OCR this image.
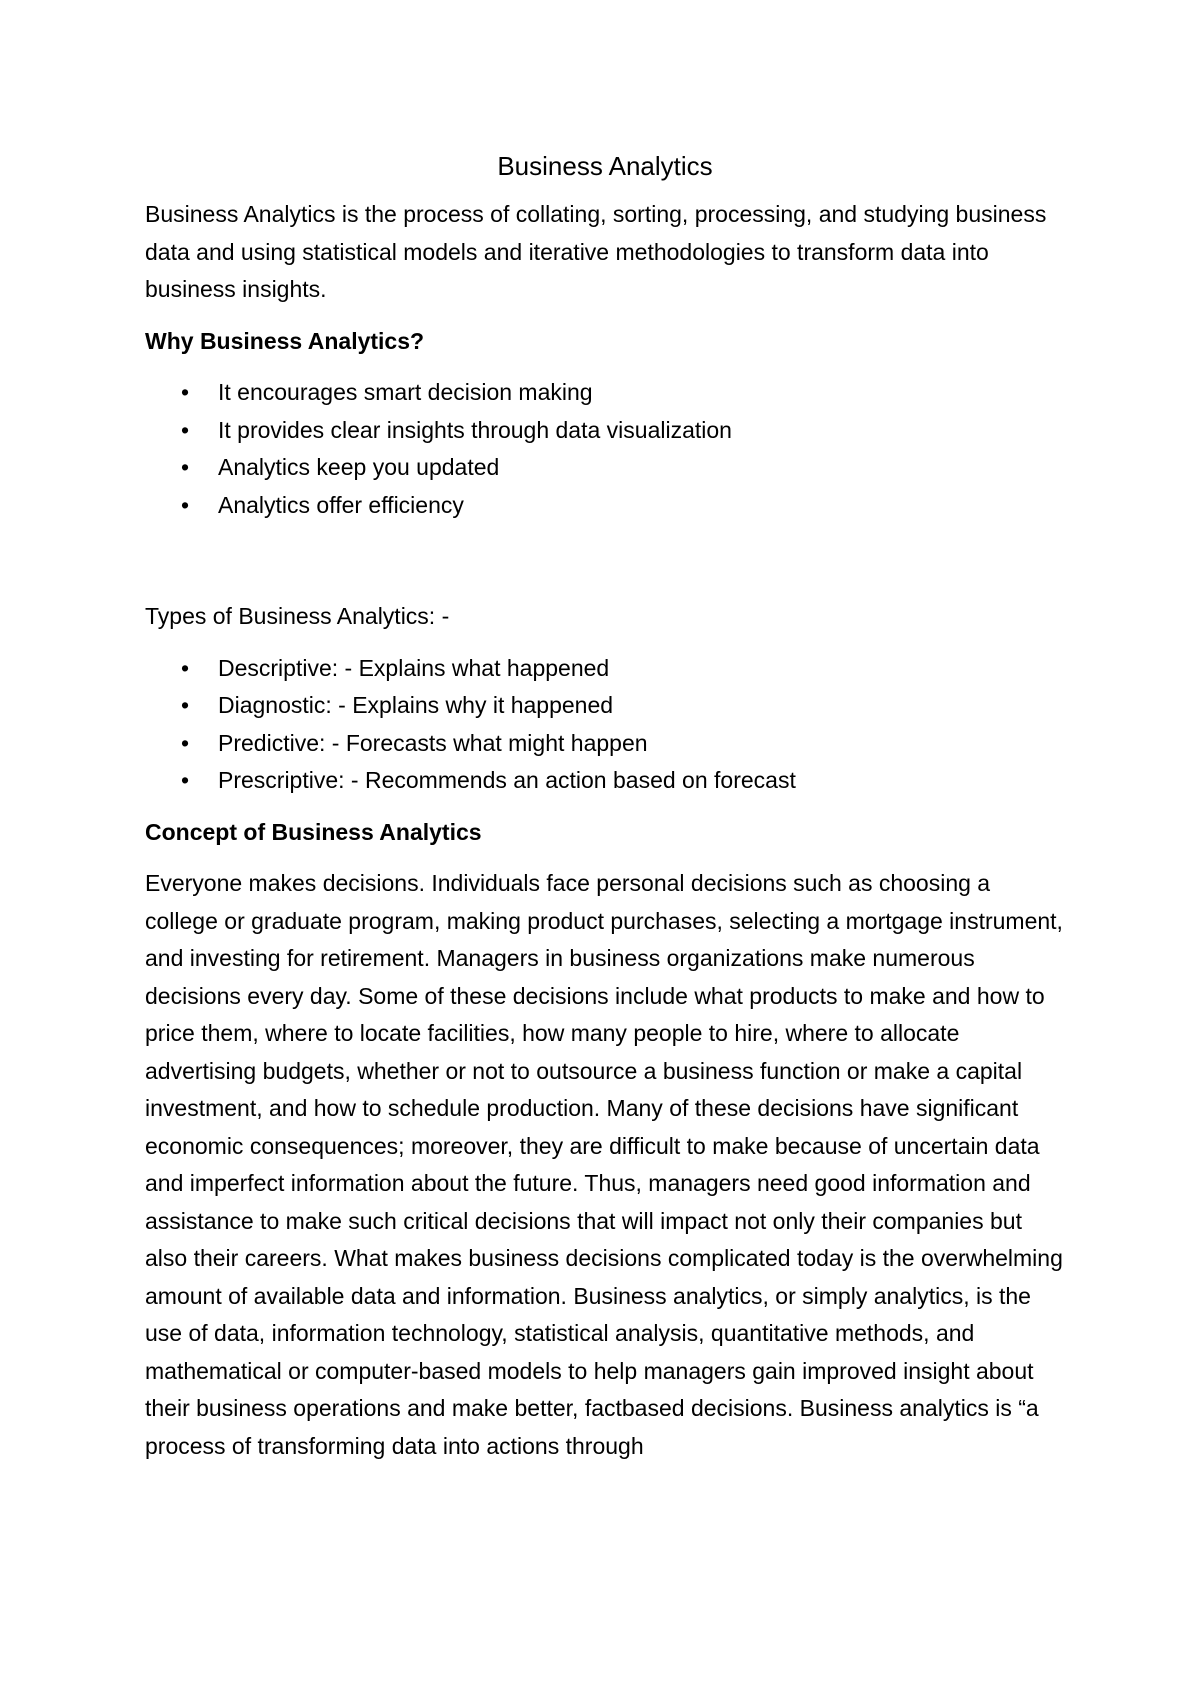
Business Analytics

Business Analytics is the process of collating, sorting, processing, and studying business data and using statistical models and iterative methodologies to transform data into business insights.

Why Business Analytics?

• It encourages smart decision making
• It provides clear insights through data visualization
• Analytics keep you updated
• Analytics offer efficiency

Types of Business Analytics: -

• Descriptive: - Explains what happened
• Diagnostic: - Explains why it happened
• Predictive: - Forecasts what might happen
• Prescriptive: - Recommends an action based on forecast

Concept of Business Analytics

Everyone makes decisions. Individuals face personal decisions such as choosing a college or graduate program, making product purchases, selecting a mortgage instrument, and investing for retirement. Managers in business organizations make numerous decisions every day. Some of these decisions include what products to make and how to price them, where to locate facilities, how many people to hire, where to allocate advertising budgets, whether or not to outsource a business function or make a capital investment, and how to schedule production. Many of these decisions have significant economic consequences; moreover, they are difficult to make because of uncertain data and imperfect information about the future. Thus, managers need good information and assistance to make such critical decisions that will impact not only their companies but also their careers. What makes business decisions complicated today is the overwhelming amount of available data and information. Business analytics, or simply analytics, is the use of data, information technology, statistical analysis, quantitative methods, and mathematical or computer-based models to help managers gain improved insight about their business operations and make better, factbased decisions. Business analytics is “a process of transforming data into actions through
